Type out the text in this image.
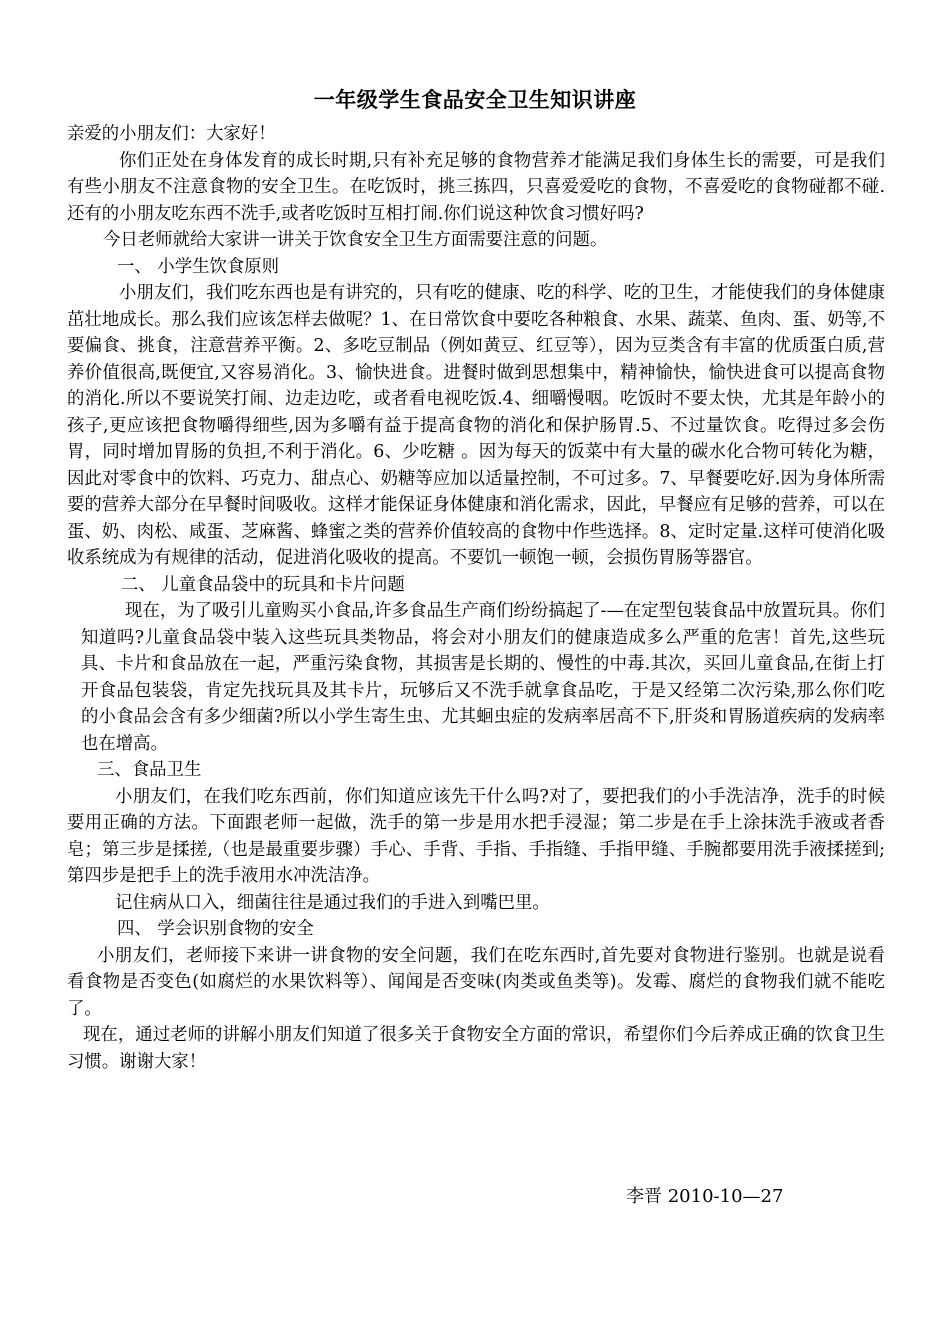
一年级学生食品安全卫生知识讲座

亲爱的小朋友们：大家好！

你们正处在身体发育的成长时期,只有补充足够的食物营养才能满足我们身体生长的需要，可是我们有些小朋友不注意食物的安全卫生。在吃饭时，挑三拣四，只喜爱爱吃的食物，不喜爱吃的食物碰都不碰.还有的小朋友吃东西不洗手,或者吃饭时互相打闹.你们说这种饮食习惯好吗?

今日老师就给大家讲一讲关于饮食安全卫生方面需要注意的问题。

一、 小学生饮食原则

小朋友们，我们吃东西也是有讲究的，只有吃的健康、吃的科学、吃的卫生，才能使我们的身体健康茁壮地成长。那么我们应该怎样去做呢？1、在日常饮食中要吃各种粮食、水果、蔬菜、鱼肉、蛋、奶等,不要偏食、挑食，注意营养平衡。2、多吃豆制品（例如黄豆、红豆等），因为豆类含有丰富的优质蛋白质,营养价值很高,既便宜,又容易消化。3、愉快进食。进餐时做到思想集中，精神愉快，愉快进食可以提高食物的消化.所以不要说笑打闹、边走边吃，或者看电视吃饭.4、细嚼慢咽。吃饭时不要太快，尤其是年龄小的孩子,更应该把食物嚼得细些,因为多嚼有益于提高食物的消化和保护肠胃.5、不过量饮食。吃得过多会伤胃，同时增加胃肠的负担,不利于消化。6、少吃糖 。因为每天的饭菜中有大量的碳水化合物可转化为糖，因此对零食中的饮料、巧克力、甜点心、奶糖等应加以适量控制，不可过多。7、早餐要吃好.因为身体所需要的营养大部分在早餐时间吸收。这样才能保证身体健康和消化需求，因此，早餐应有足够的营养，可以在蛋、奶、肉松、咸蛋、芝麻酱、蜂蜜之类的营养价值较高的食物中作些选择。8、定时定量.这样可使消化吸收系统成为有规律的活动，促进消化吸收的提高。不要饥一顿饱一顿，会损伤胃肠等器官。

二、 儿童食品袋中的玩具和卡片问题

现在，为了吸引儿童购买小食品,许多食品生产商们纷纷搞起了-—在定型包装食品中放置玩具。你们知道吗?儿童食品袋中装入这些玩具类物品，将会对小朋友们的健康造成多么严重的危害！首先,这些玩具、卡片和食品放在一起，严重污染食物，其损害是长期的、慢性的中毒.其次，买回儿童食品,在街上打开食品包装袋，肯定先找玩具及其卡片，玩够后又不洗手就拿食品吃，于是又经第二次污染,那么你们吃的小食品会含有多少细菌?所以小学生寄生虫、尤其蛔虫症的发病率居高不下,肝炎和胃肠道疾病的发病率也在增高。

三、食品卫生

小朋友们，在我们吃东西前，你们知道应该先干什么吗?对了，要把我们的小手洗洁净，洗手的时候要用正确的方法。下面跟老师一起做，洗手的第一步是用水把手浸湿；第二步是在手上涂抹洗手液或者香皂；第三步是揉搓,（也是最重要步骤）手心、手背、手指、手指缝、手指甲缝、手腕都要用洗手液揉搓到;第四步是把手上的洗手液用水冲洗洁净。

记住病从口入，细菌往往是通过我们的手进入到嘴巴里。

四、 学会识别食物的安全

小朋友们，老师接下来讲一讲食物的安全问题，我们在吃东西时,首先要对食物进行鉴别。也就是说看看食物是否变色(如腐烂的水果饮料等）、闻闻是否变味(肉类或鱼类等)。发霉、腐烂的食物我们就不能吃了。

现在，通过老师的讲解小朋友们知道了很多关于食物安全方面的常识，希望你们今后养成正确的饮食卫生习惯。谢谢大家！

李晋 2010-10—27
